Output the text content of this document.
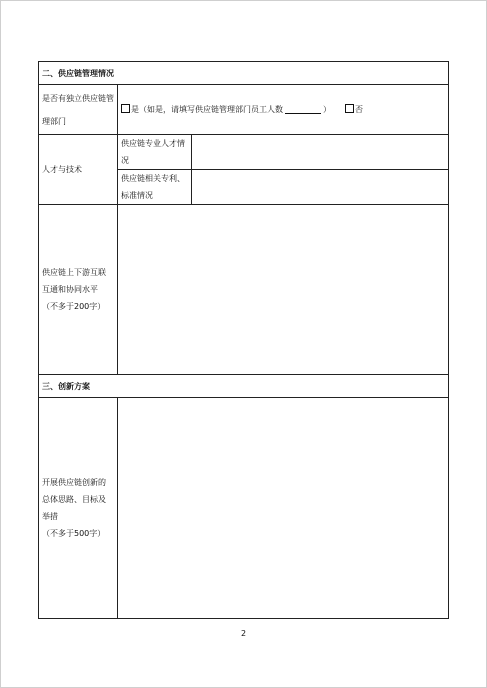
二、供应链管理情况		
是否有独立供应链管理部门	是（如是，请填写供应链管理部门员工人数 ） 否	
人才与技术	供应链专业人才情况	
	供应链相关专利、标准情况	

供应链上下游互联
互通和协同水平
（不多于200字）		

三、创新方案		

开展供应链创新的
总体思路、目标及
举措
（不多于500字）		

2
